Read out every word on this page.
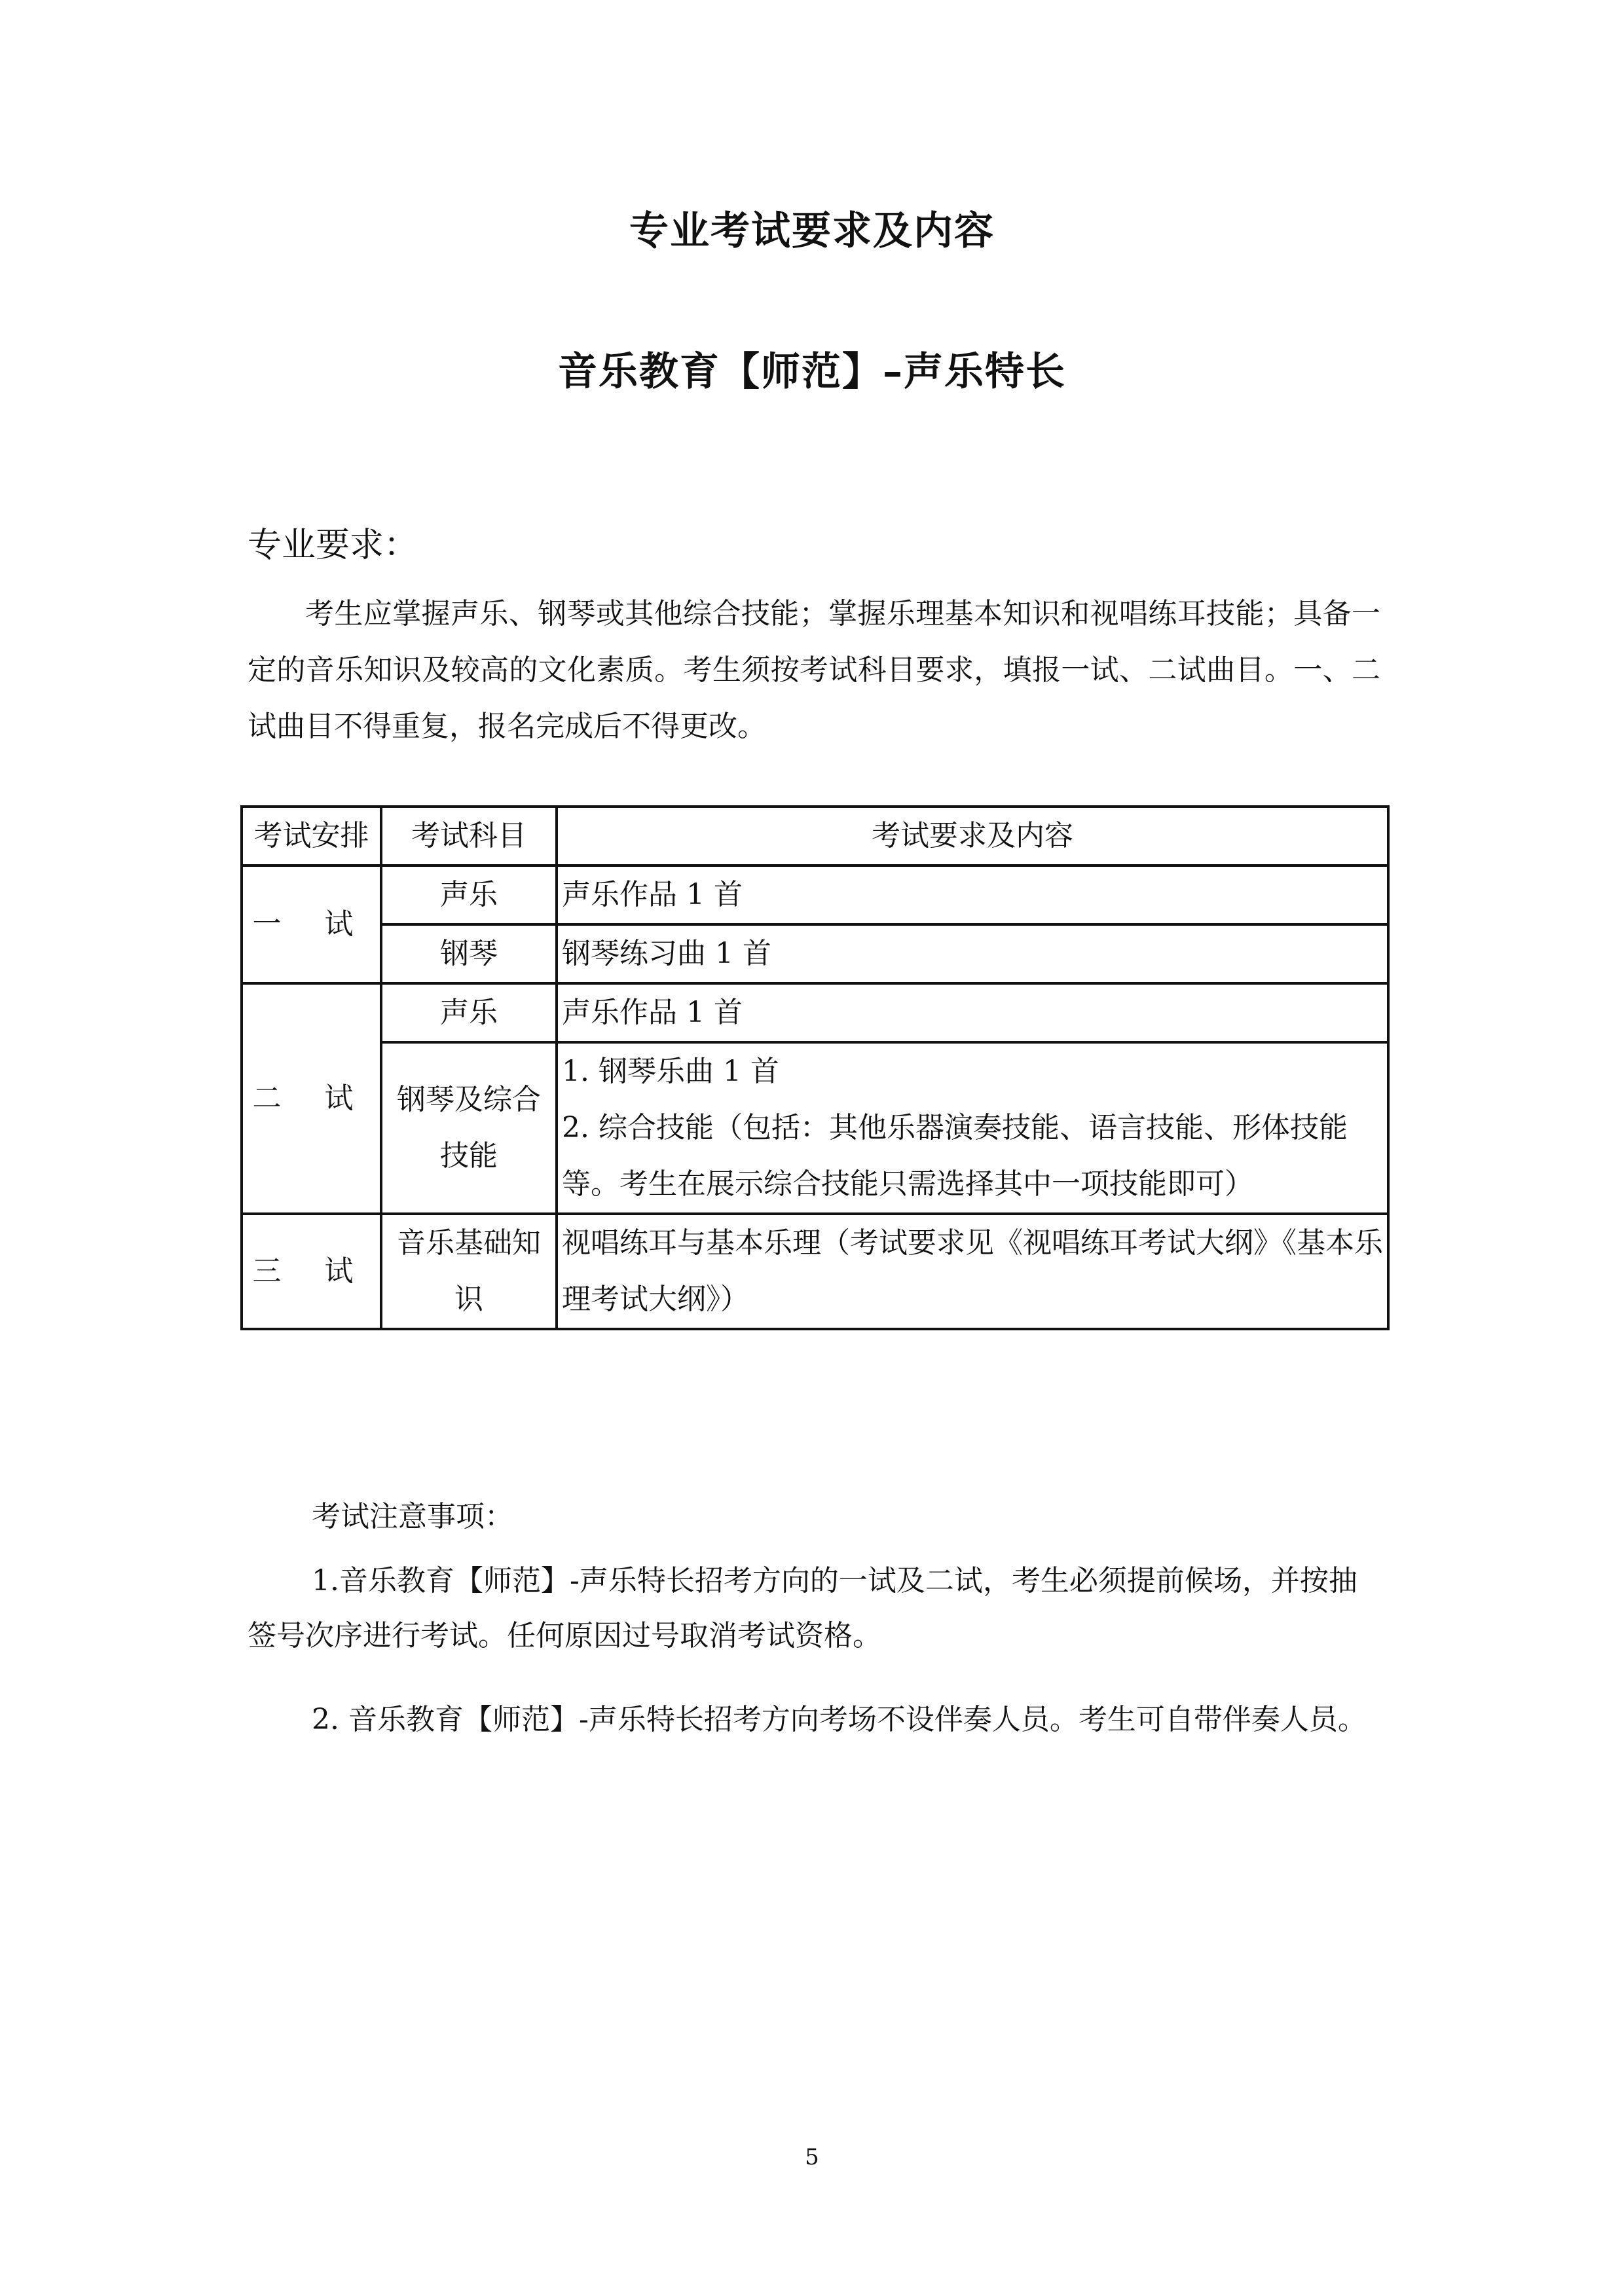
专业考试要求及内容
音乐教育【师范】–声乐特长
专业要求：

考生应掌握声乐、钢琴或其他综合技能；掌握乐理基本知识和视唱练耳技能；具备一定的音乐知识及较高的文化素质。考生须按考试科目要求，填报一试、二试曲目。一、二试曲目不得重复，报名完成后不得更改。

考试安排	考试科目	考试要求及内容
一 试	声乐	声乐作品 1 首
	钢琴	钢琴练习曲 1 首
二 试	声乐	声乐作品 1 首
	钢琴及综合技能	1. 钢琴乐曲 1 首
2. 综合技能（包括：其他乐器演奏技能、语言技能、形体技能等。考生在展示综合技能只需选择其中一项技能即可）

三 试	音乐基础知识	视唱练耳与基本乐理（考试要求见《视唱练耳考试大纲》《基本乐理考试大纲》）
考试注意事项：

1.音乐教育【师范】-声乐特长招考方向的一试及二试，考生必须提前候场，并按抽签号次序进行考试。任何原因过号取消考试资格。

2. 音乐教育【师范】-声乐特长招考方向考场不设伴奏人员。考生可自带伴奏人员。

5
